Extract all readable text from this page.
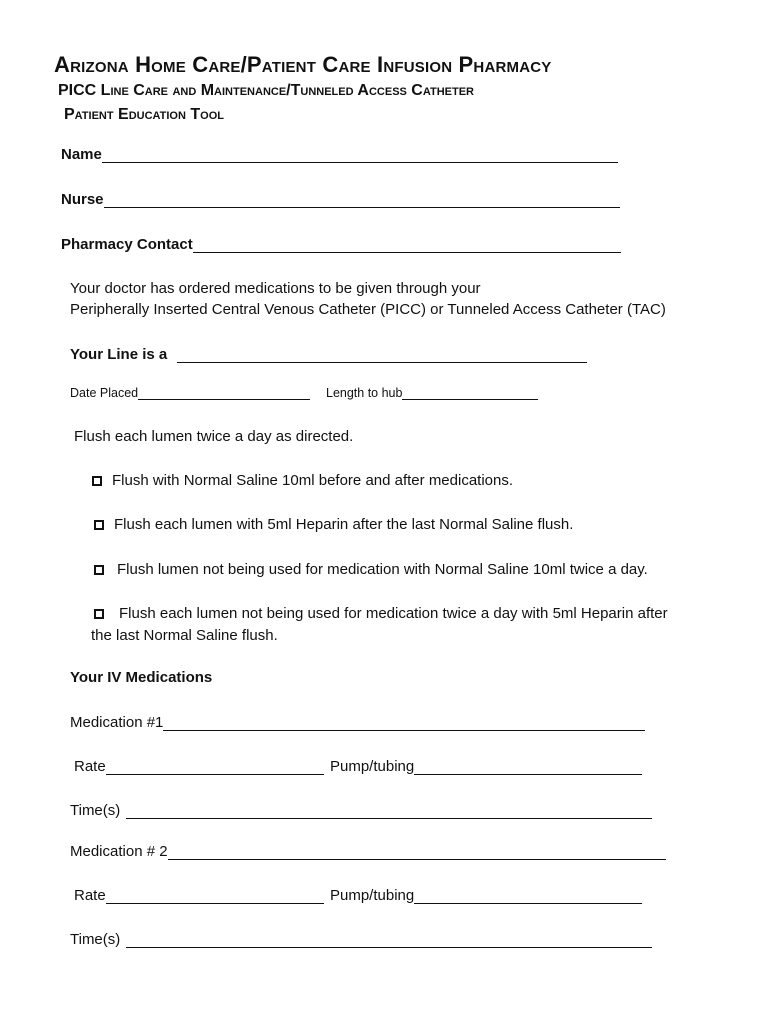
Arizona Home Care/Patient Care Infusion Pharmacy
PICC Line Care and Maintenance/Tunneled Access Catheter
Patient Education Tool
Name
Nurse
Pharmacy Contact
Your doctor has ordered medications to be given through your
Peripherally Inserted Central Venous Catheter (PICC) or Tunneled Access Catheter (TAC)
Your Line is a
Date Placed	Length to hub
Flush each lumen twice a day as directed.
Flush with Normal Saline 10ml before and after medications.
Flush each lumen with 5ml Heparin after the last Normal Saline flush.
Flush lumen not being used for medication with Normal Saline 10ml twice a day.
Flush each lumen not being used for medication twice a day with 5ml Heparin after
the last Normal Saline flush.
Your IV Medications
Medication #1
Rate	Pump/tubing
Time(s)
Medication # 2
Rate	Pump/tubing
Time(s)
